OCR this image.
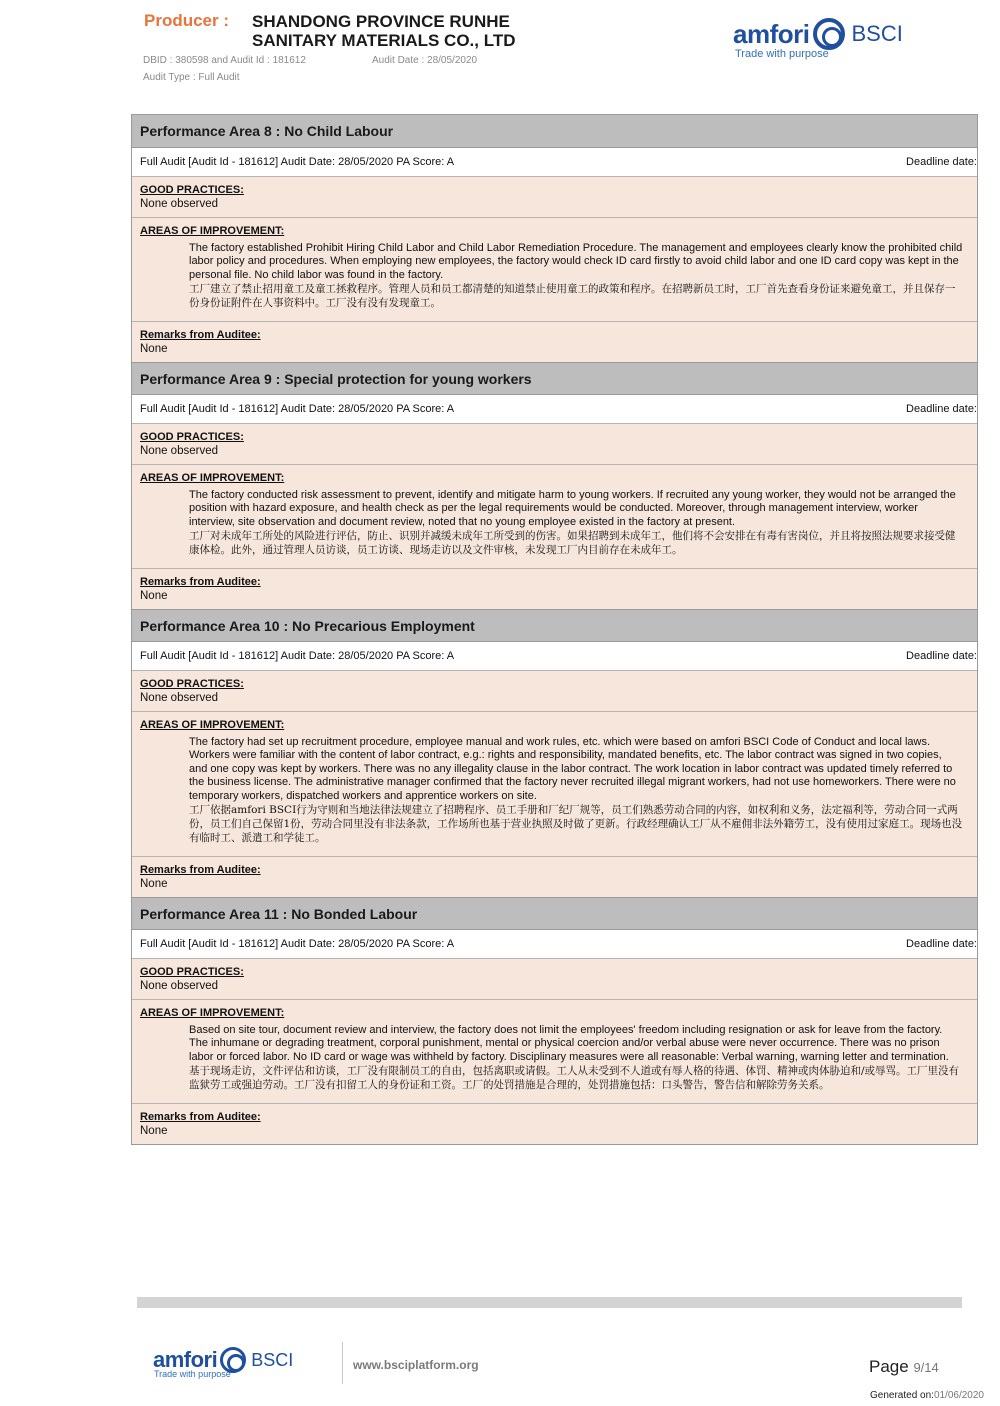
Producer : SHANDONG PROVINCE RUNHE
SANITARY MATERIALS CO., LTD
DBID : 380598 and Audit Id : 181612	Audit Date : 28/05/2020
Audit Type : Full Audit
amfori BSCI
Trade with purpose
Performance Area 8 : No Child Labour
Full Audit [Audit Id - 181612] Audit Date: 28/05/2020 PA Score: A	Deadline date:
GOOD PRACTICES:
None observed
AREAS OF IMPROVEMENT:
The factory established Prohibit Hiring Child Labor and Child Labor Remediation Procedure. The management and employees clearly know the prohibited child labor policy and procedures. When employing new employees, the factory would check ID card firstly to avoid child labor and one ID card copy was kept in the personal file. No child labor was found in the factory.
工厂建立了禁止招用童工及童工拯救程序。管理人员和员工都清楚的知道禁止使用童工的政策和程序。在招聘新员工时，工厂首先查看身份证来避免童工，并且保存一份身份证附件在人事资料中。工厂没有没有发现童工。
Remarks from Auditee:
None
Performance Area 9 : Special protection for young workers
Full Audit [Audit Id - 181612] Audit Date: 28/05/2020 PA Score: A	Deadline date:
GOOD PRACTICES:
None observed
AREAS OF IMPROVEMENT:
The factory conducted risk assessment to prevent, identify and mitigate harm to young workers. If recruited any young worker, they would not be arranged the position with hazard exposure, and health check as per the legal requirements would be conducted. Moreover, through management interview, worker interview, site observation and document review, noted that no young employee existed in the factory at present.
工厂对未成年工所处的风险进行评估，防止、识别并减缓未成年工所受到的伤害。如果招聘到未成年工，他们将不会安排在有毒有害岗位，并且将按照法规要求接受健康体检。此外，通过管理人员访谈，员工访谈、现场走访以及文件审核，未发现工厂内目前存在未成年工。
Remarks from Auditee:
None
Performance Area 10 : No Precarious Employment
Full Audit [Audit Id - 181612] Audit Date: 28/05/2020 PA Score: A	Deadline date:
GOOD PRACTICES:
None observed
AREAS OF IMPROVEMENT:
The factory had set up recruitment procedure, employee manual and work rules, etc. which were based on amfori BSCI Code of Conduct and local laws. Workers were familiar with the content of labor contract, e.g.: rights and responsibility, mandated benefits, etc. The labor contract was signed in two copies, and one copy was kept by workers. There was no any illegality clause in the labor contract. The work location in labor contract was updated timely referred to the business license. The administrative manager confirmed that the factory never recruited illegal migrant workers, had not use homeworkers. There were no temporary workers, dispatched workers and apprentice workers on site.
工厂依据amfori BSCI行为守则和当地法律法规建立了招聘程序、员工手册和厂纪厂规等，员工们熟悉劳动合同的内容，如权利和义务，法定福利等，劳动合同一式两份，员工们自己保留1份，劳动合同里没有非法条款，工作场所也基于营业执照及时做了更新。行政经理确认工厂从不雇佣非法外籍劳工，没有使用过家庭工。现场也没有临时工、派遣工和学徒工。
Remarks from Auditee:
None
Performance Area 11 : No Bonded Labour
Full Audit [Audit Id - 181612] Audit Date: 28/05/2020 PA Score: A	Deadline date:
GOOD PRACTICES:
None observed
AREAS OF IMPROVEMENT:
Based on site tour, document review and interview, the factory does not limit the employees' freedom including resignation or ask for leave from the factory. The inhumane or degrading treatment, corporal punishment, mental or physical coercion and/or verbal abuse were never occurrence. There was no prison labor or forced labor. No ID card or wage was withheld by factory. Disciplinary measures were all reasonable: Verbal warning, warning letter and termination.
基于现场走访，文件评估和访谈，工厂没有限制员工的自由，包括离职或请假。工人从未受到不人道或有辱人格的待遇、体罚、精神或肉体胁迫和/或辱骂。工厂里没有监狱劳工或强迫劳动。工厂没有扣留工人的身份证和工资。工厂的处罚措施是合理的，处罚措施包括：口头警告，警告信和解除劳务关系。
Remarks from Auditee:
None
amfori BSCI
Trade with purpose
www.bsciplatform.org	Page 9/14
Generated on:01/06/2020
